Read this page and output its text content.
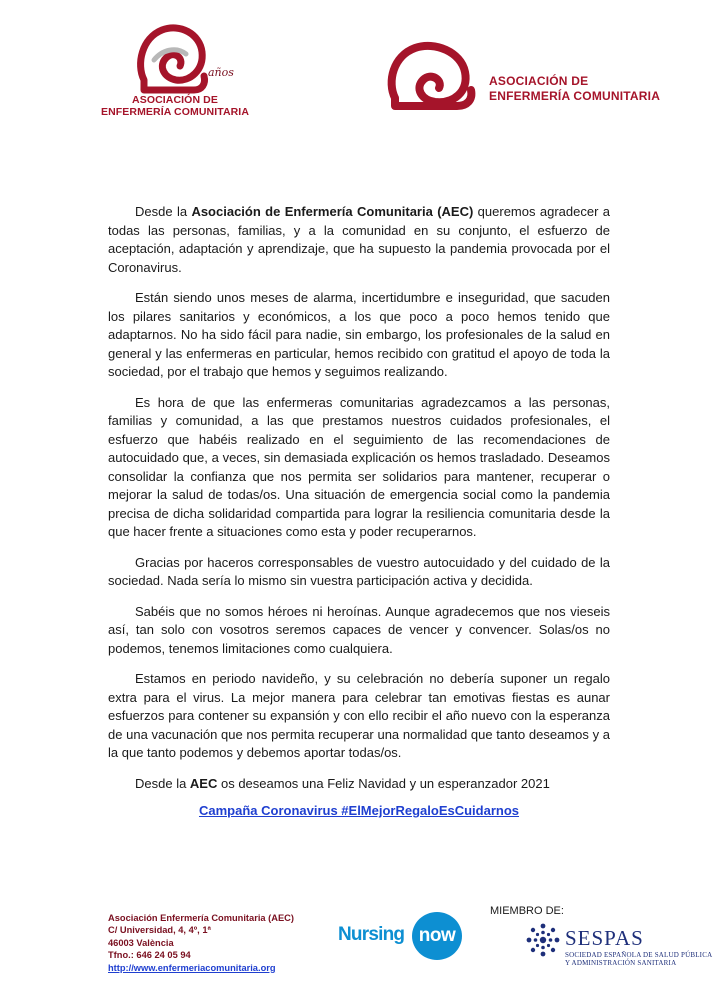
años
ASOCIACIÓN DE
ENFERMERÍA COMUNITARIA
ASOCIACIÓN DE
ENFERMERÍA COMUNITARIA

Desde la Asociación de Enfermería Comunitaria (AEC) queremos agradecer a todas las personas, familias, y a la comunidad en su conjunto, el esfuerzo de aceptación, adaptación y aprendizaje, que ha supuesto la pandemia provocada por el Coronavirus.

Están siendo unos meses de alarma, incertidumbre e inseguridad, que sacuden los pilares sanitarios y económicos, a los que poco a poco hemos tenido que adaptarnos. No ha sido fácil para nadie, sin embargo, los profesionales de la salud en general y las enfermeras en particular, hemos recibido con gratitud el apoyo de toda la sociedad, por el trabajo que hemos y seguimos realizando.

Es hora de que las enfermeras comunitarias agradezcamos a las personas, familias y comunidad, a las que prestamos nuestros cuidados profesionales, el esfuerzo que habéis realizado en el seguimiento de las recomendaciones de autocuidado que, a veces, sin demasiada explicación os hemos trasladado. Deseamos consolidar la confianza que nos permita ser solidarios para mantener, recuperar o mejorar la salud de todas/os. Una situación de emergencia social como la pandemia precisa de dicha solidaridad compartida para lograr la resiliencia comunitaria desde la que hacer frente a situaciones como esta y poder recuperarnos.

Gracias por haceros corresponsables de vuestro autocuidado y del cuidado de la sociedad. Nada sería lo mismo sin vuestra participación activa y decidida.

Sabéis que no somos héroes ni heroínas. Aunque agradecemos que nos vieseis así, tan solo con vosotros seremos capaces de vencer y convencer. Solas/os no podemos, tenemos limitaciones como cualquiera.

Estamos en periodo navideño, y su celebración no debería suponer un regalo extra para el virus. La mejor manera para celebrar tan emotivas fiestas es aunar esfuerzos para contener su expansión y con ello recibir el año nuevo con la esperanza de una vacunación que nos permita recuperar una normalidad que tanto deseamos y a la que tanto podemos y debemos aportar todas/os.

Desde la AEC os deseamos una Feliz Navidad y un esperanzador 2021

Campaña Coronavirus #ElMejorRegaloEsCuidarnos
Asociación Enfermería Comunitaria (AEC)
C/ Universidad, 4, 4º, 1ª
46003 València
Tfno.: 646 24 05 94
http://www.enfermeriacomunitaria.org
Nursing now
MIEMBRO DE:
SESPAS
SOCIEDAD ESPAÑOLA DE SALUD PÚBLICA
Y ADMINISTRACIÓN SANITARIA
